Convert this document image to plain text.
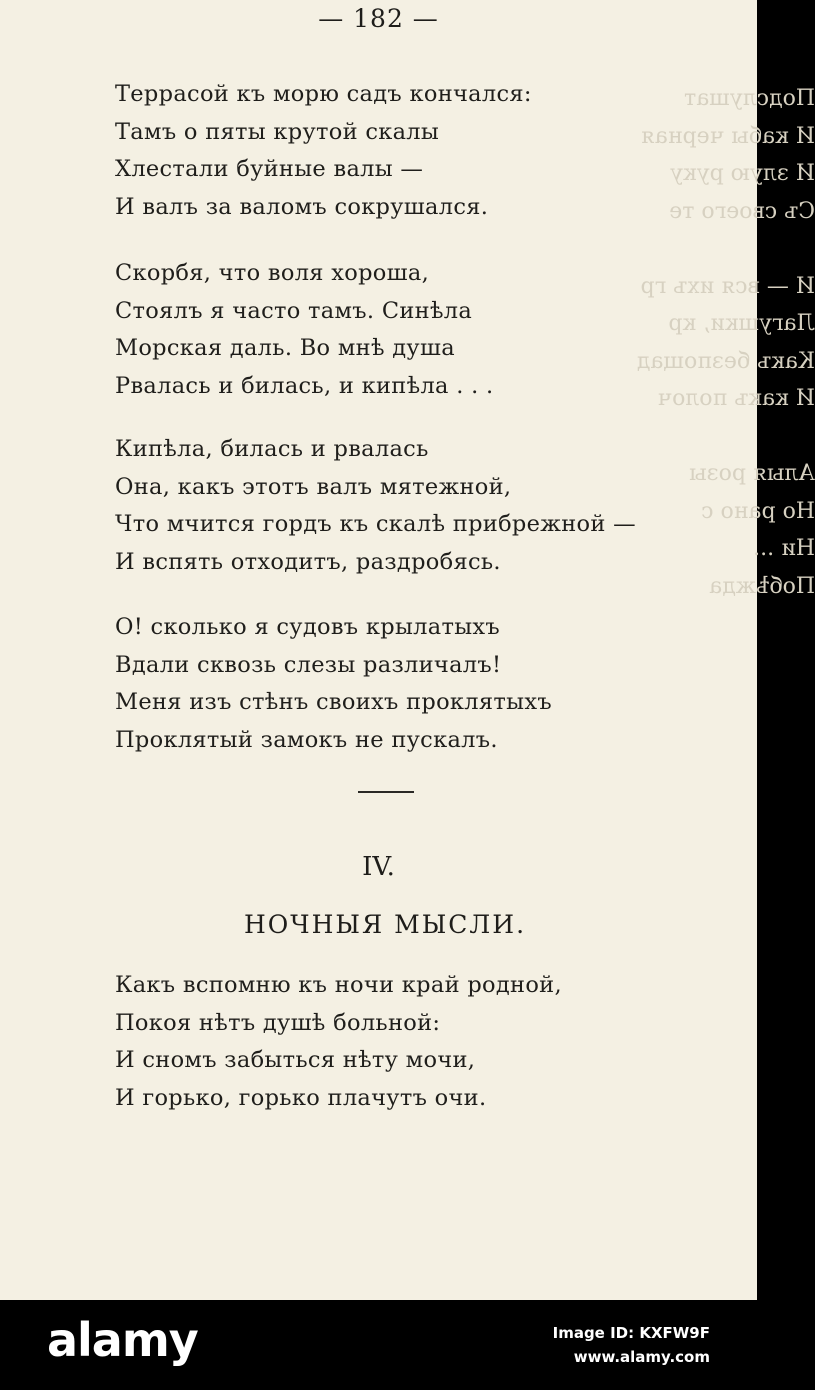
Подслушат
И кабы черная
И злую руку
Съ своего те

И — вся ихъ гр
Лагушки, кр
Какъ безпощад
И какъ полоч

Алыя розы
Но рано с
Ни ...
Побѣжда
— 182 —
Террасой къ морю садъ кончался:
Тамъ о пяты крутой скалы
Хлестали буйные валы —
И валъ за валомъ сокрушался.
Скорбя, что воля хороша,
Стоялъ я часто тамъ. Синѣла
Морская даль. Во мнѣ душа
Рвалась и билась, и кипѣла . . .
Кипѣла, билась и рвалась
Она, какъ этотъ валъ мятежной,
Что мчится гордъ къ скалѣ прибрежной —
И вспять отходитъ, раздробясь.
О! сколько я судовъ крылатыхъ
Вдали сквозь слезы различалъ!
Меня изъ стѣнъ своихъ проклятыхъ
Проклятый замокъ не пускалъ.
IV.
НОЧНЫЯ МЫСЛИ.
Какъ вспомню къ ночи край родной,
Покоя нѣтъ душѣ больной:
И сномъ забыться нѣту мочи,
И горько, горько плачутъ очи.
alamy	Image ID: KXFW9F
www.alamy.com
